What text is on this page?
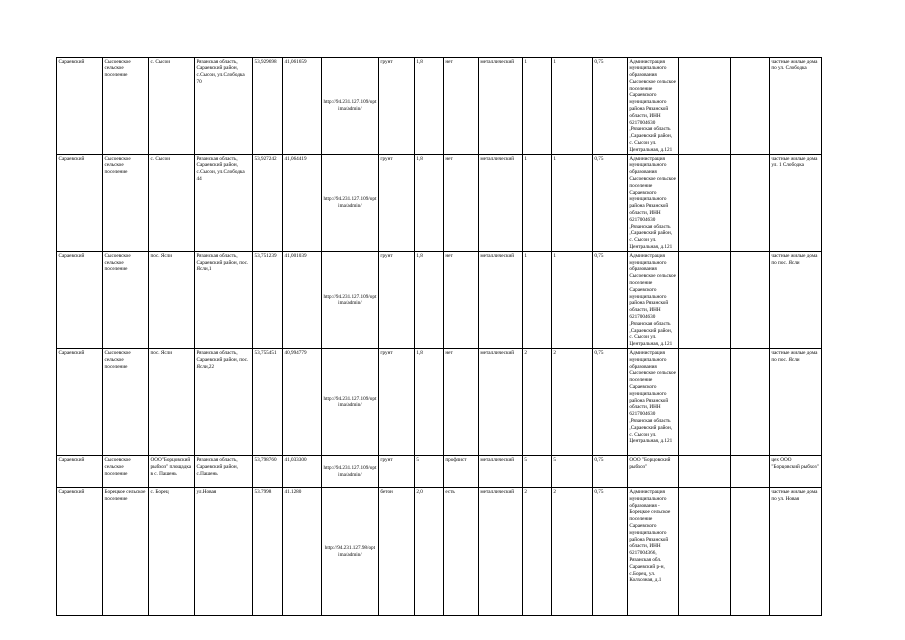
Сараевский	Сысоевское сельское поселение	с. Сысои	Рязанская область, Сараевский район, с.Сысои, ул.Слободка 70	53,929698	41,061659	http://94.231.127.109/opt ima/admin/	грунт	1,8	нет	металлический	1	1	0,75	Администрация муниципального образования Сысоевское сельское поселение Сараевского муниципального района Рязанской области, ИНН 6217004630 ,Рязанская область ,Сараевский район, с. Сысои ул. Центральная, д.121			частные жилые дома по ул. Слободка
Сараевский	Сысоевское сельское поселение	с. Сысои	Рязанская область, Сараевский район, с.Сысои, ул.Слободка 44	53,927242	41,064419	http://94.231.127.109/opt ima/admin/	грунт	1,8	нет	металлический	1	1	0,75	Администрация муниципального образования Сысоевское сельское поселение Сараевского муниципального района Рязанской области, ИНН 6217004630 ,Рязанская область ,Сараевский район, с. Сысои ул. Центральная, д.121			частные жилые дома ул. 1 Слободка
Сараевский	Сысоевское сельское поселение	пос. Ясли	Рязанская область, Сараевский район, пос. Ясли,1	53,751239	41,001039	http://94.231.127.109/opt ima/admin/	грунт	1,8	нет	металлический	1	1	0,75	Администрация муниципального образования Сысоевское сельское поселение Сараевского муниципального района Рязанской области, ИНН 6217004630 ,Рязанская область ,Сараевский район, с. Сысои ул. Центральная, д.121			частные жилые дома по пос. Ясли
Сараевский	Сысоевское сельское поселение	пос. Ясли	Рязанская область, Сараевский район, пос. Ясли,22	53,755451	40,994779	http://94.231.127.109/opt ima/admin/	грунт	1,8	нет	металлический	2	2	0,75	Администрация муниципального образования Сысоевское сельское поселение Сараевского муниципального района Рязанской области, ИНН 6217004630 ,Рязанская область ,Сараевский район, с. Сысои ул. Центральная, д.121			частные жилые дома по пос. Ясли
Сараевский	Сысоевское сельское поселение	ООО"Борцовский рыбхоз" площадка в с. Пашень	Рязанская область, Сараевский район, с.Пашень	53,798760	41,033300	http://94.231.127.109/opt ima/admin/	грунт	5	профлист	металлический	5	5	0,75	ООО "Борцовский рыбхоз"			цех ООО "Борцовский рыбхоз"
Сараевский	Борецкое сельское поселение	с. Борец	ул.Новая	53.7998	41.1280	http://94.231.127.98/opt ima/admin/	бетон	2,0	есть	металлический	2	2	0,75	Администрация муниципального образования - Борецкое сельское поселение Сараевского муниципального района Рязанской области, ИНН 6217004366, Рязанская обл. Сараевский р-н, с.Борец, ул. Колхозная, д.1			частные жилые дома по ул. Новая
